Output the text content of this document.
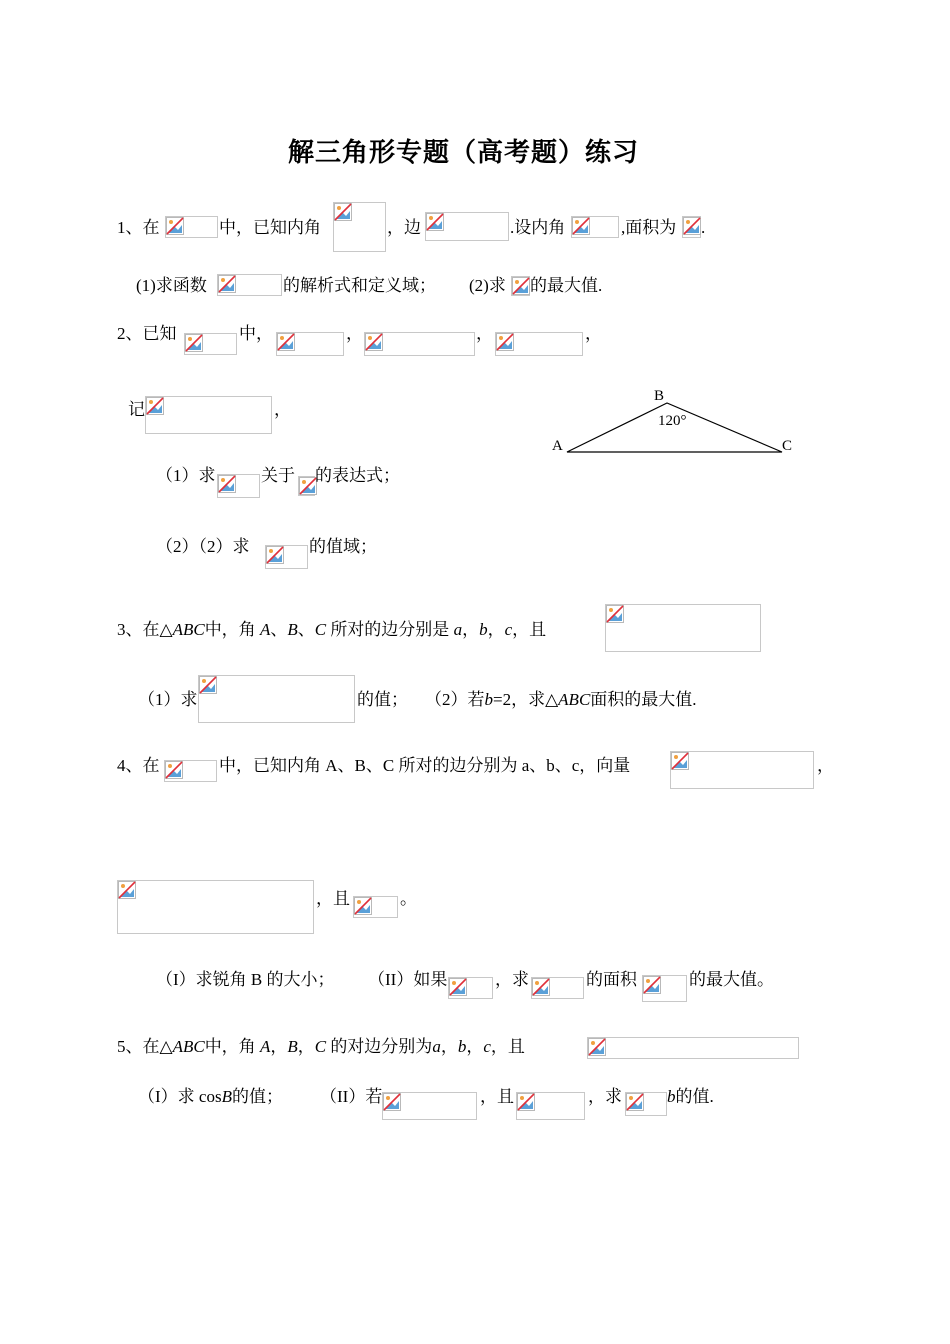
解三角形专题（高考题）练习
1、在	中，已知内角	，边	.设内角	,面积为 .
(1)求函数	的解析式和定义域； (2)求 的最大值.
2、已知	中，	，	，	，
记	，
（1）求	关于 的表达式；
（2）（2）求	的值域；
B
120°
A	C
3、在△ABC中，角 A、B、C 所对的边分别是 a，b，c，且
（1）求	的值； （2）若b=2，求△ABC面积的最大值.
4、在	中，已知内角 A、B、C 所对的边分别为 a、b、c，向量	，
，且	。
（I）求锐角 B 的大小； （II）如果	，求	的面积	的最大值。
5、在△ABC中，角 A，B，C 的对边分别为a，b，c，且
（I）求 cosB的值； （II）若	，且	，求	b的值.
